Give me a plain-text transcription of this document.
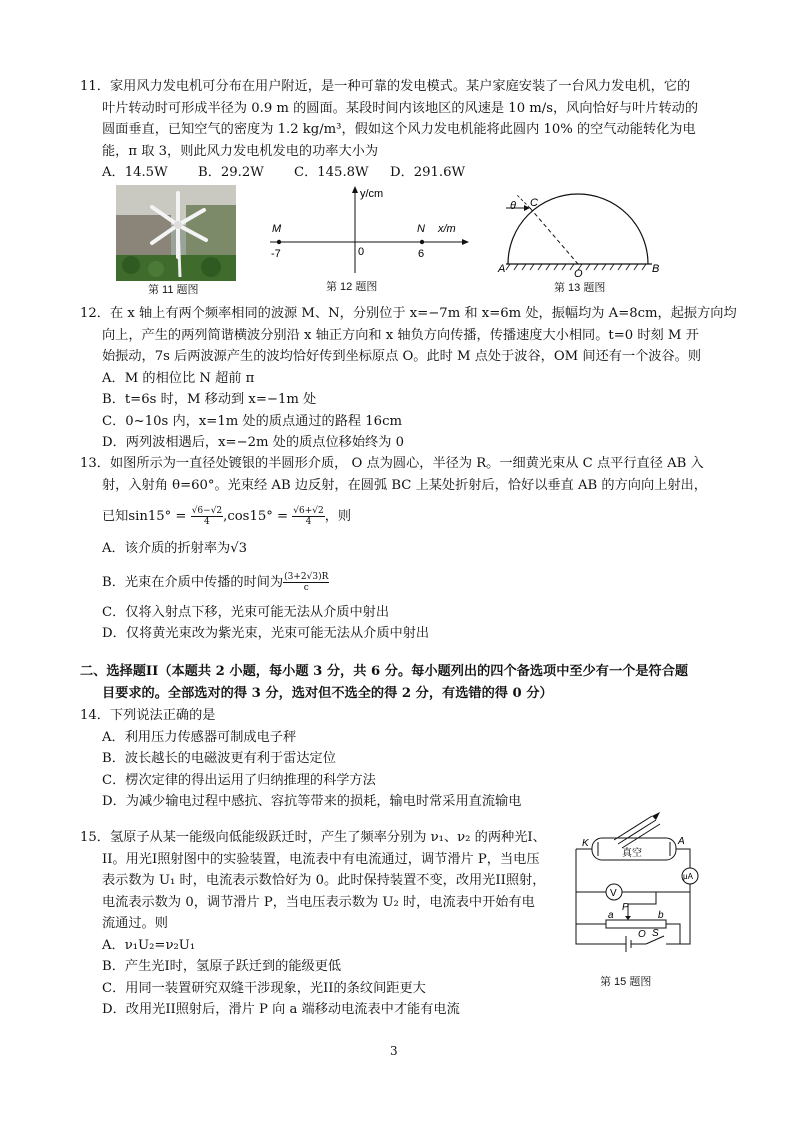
11．家用风力发电机可分布在用户附近，是一种可靠的发电模式。某户家庭安装了一台风力发电机，它的
叶片转动时可形成半径为 0.9 m 的圆面。某段时间内该地区的风速是 10 m/s，风向恰好与叶片转动的
圆面垂直，已知空气的密度为 1.2 kg/m³，假如这个风力发电机能将此圆内 10% 的空气动能转化为电
能，π 取 3，则此风力发电机发电的功率大小为
A．14.5W	B．29.2W	C．145.8W	D．291.6W
第 11 题图
y/cm
x/m
M	N
-7	0	6
第 12 题图
θ C
A	O	B
第 13 题图
12．在 x 轴上有两个频率相同的波源 M、N，分别位于 x=−7m 和 x=6m 处，振幅均为 A=8cm，起振方向均
向上，产生的两列简谐横波分别沿 x 轴正方向和 x 轴负方向传播，传播速度大小相同。t=0 时刻 M 开
始振动，7s 后两波源产生的波均恰好传到坐标原点 O。此时 M 点处于波谷，OM 间还有一个波谷。则
A．M 的相位比 N 超前 π
B．t=6s 时，M 移动到 x=−1m 处
C．0~10s 内，x=1m 处的质点通过的路程 16cm
D．两列波相遇后，x=−2m 处的质点位移始终为 0
13．如图所示为一直径处镀银的半圆形介质， O 点为圆心，半径为 R。一细黄光束从 C 点平行直径 AB 入
射，入射角 θ=60°。光束经 AB 边反射，在圆弧 BC 上某处折射后，恰好以垂直 AB 的方向向上射出，
已知$\sin 15^\circ = \frac{√6-√2}{4} ,\cos 15^\circ = \frac{√6+√2}{4}$ ，则
A．该介质的折射率为√3
B．光束在介质中传播的时间为 $\frac{(3+2√3)R}{c}$
C．仅将入射点下移，光束可能无法从介质中射出
D．仅将黄光束改为紫光束，光束可能无法从介质中射出
二、选择题II（本题共 2 小题，每小题 3 分，共 6 分。每小题列出的四个备选项中至少有一个是符合题
目要求的。全部选对的得 3 分，选对但不选全的得 2 分，有选错的得 0 分）
14．下列说法正确的是
A．利用压力传感器可制成电子秤
B．波长越长的电磁波更有利于雷达定位
C．楞次定律的得出运用了归纳推理的科学方法
D．为减少输电过程中感抗、容抗等带来的损耗，输电时常采用直流输电
15．氢原子从某一能级向低能级跃迁时，产生了频率分别为 ν₁、ν₂ 的两种光I、
II。用光I照射图中的实验装置，电流表中有电流通过，调节滑片 P，当电压
表示数为 U₁ 时，电流表示数恰好为 0。此时保持装置不变，改用光II照射，
电流表示数为 0，调节滑片 P，当电压表示数为 U₂ 时，电流表中开始有电
流通过。则
A．ν₁U₂=ν₂U₁
B．产生光I时，氢原子跃迁到的能级更低
C．用同一装置研究双缝干涉现象，光II的条纹间距更大
D．改用光II照射后，滑片 P 向 a 端移动电流表中才能有电流
K	A
真空
V
μA
P
a	b
O S
第 15 题图
3
